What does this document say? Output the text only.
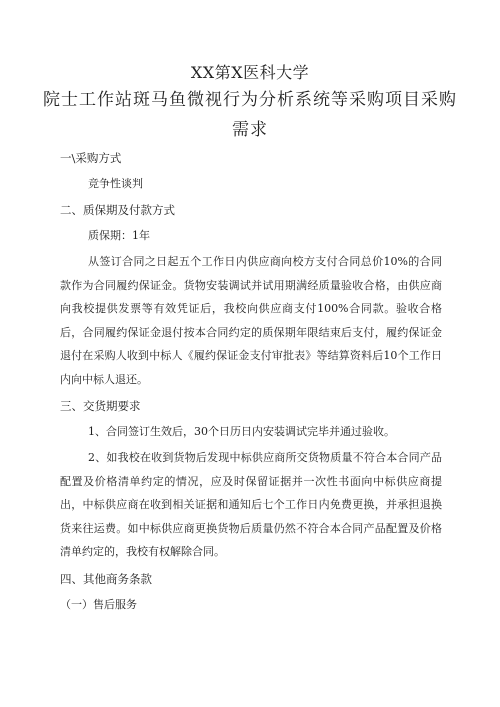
XX第X医科大学
院士工作站斑马鱼微视行为分析系统等采购项目采购
需求
一\采购方式
竞争性谈判
二、质保期及付款方式
质保期：1年
从签订合同之日起五个工作日内供应商向校方支付合同总价10%的合同款作为合同履约保证金。货物安装调试并试用期满经质量验收合格，由供应商向我校提供发票等有效凭证后，我校向供应商支付100%合同款。验收合格后，合同履约保证金退付按本合同约定的质保期年限结束后支付，履约保证金退付在采购人收到中标人《履约保证金支付审批表》等结算资料后10个工作日内向中标人退还。
三、交货期要求
1、合同签订生效后，30个日历日内安装调试完毕并通过验收。
2、如我校在收到货物后发现中标供应商所交货物质量不符合本合同产品配置及价格清单约定的情况，应及时保留证据并一次性书面向中标供应商提出，中标供应商在收到相关证据和通知后七个工作日内免费更换，并承担退换货来往运费。如中标供应商更换货物后质量仍然不符合本合同产品配置及价格清单约定的，我校有权解除合同。
四、其他商务条款
（一）售后服务
